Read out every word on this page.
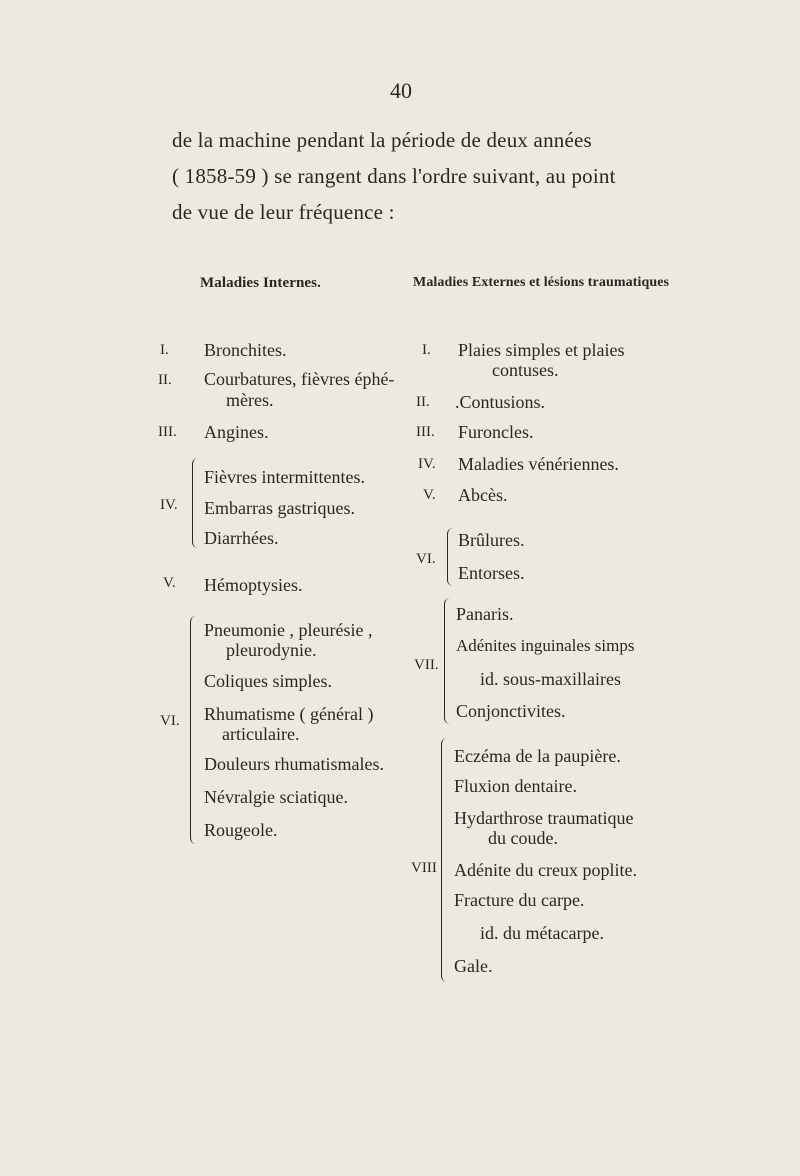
40
de la machine pendant la période de deux années
( 1858-59 ) se rangent dans l'ordre suivant, au point
de vue de leur fréquence :
Maladies Internes.	Maladies Externes et lésions traumatiques
I.
II.
III.
IV.
V.
VI.
Bronchites.
Courbatures, fièvres éphé-
mères.
Angines.
Fièvres intermittentes.
Embarras gastriques.
Diarrhées.
Hémoptysies.
Pneumonie , pleurésie ,
pleurodynie.
Coliques simples.
Rhumatisme ( général )
articulaire.
Douleurs rhumatismales.
Névralgie sciatique.
Rougeole.
I.
II.
III.
IV.
V.
VI.
VII.
VIII
Plaies simples et plaies
contuses.
.Contusions.
Furoncles.
Maladies vénériennes.
Abcès.
Brûlures.
Entorses.
Panaris.
Adénites inguinales simps
id. sous-maxillaires
Conjonctivites.
Eczéma de la paupière.
Fluxion dentaire.
Hydarthrose traumatique
du coude.
Adénite du creux poplite.
Fracture du carpe.
id. du métacarpe.
Gale.
